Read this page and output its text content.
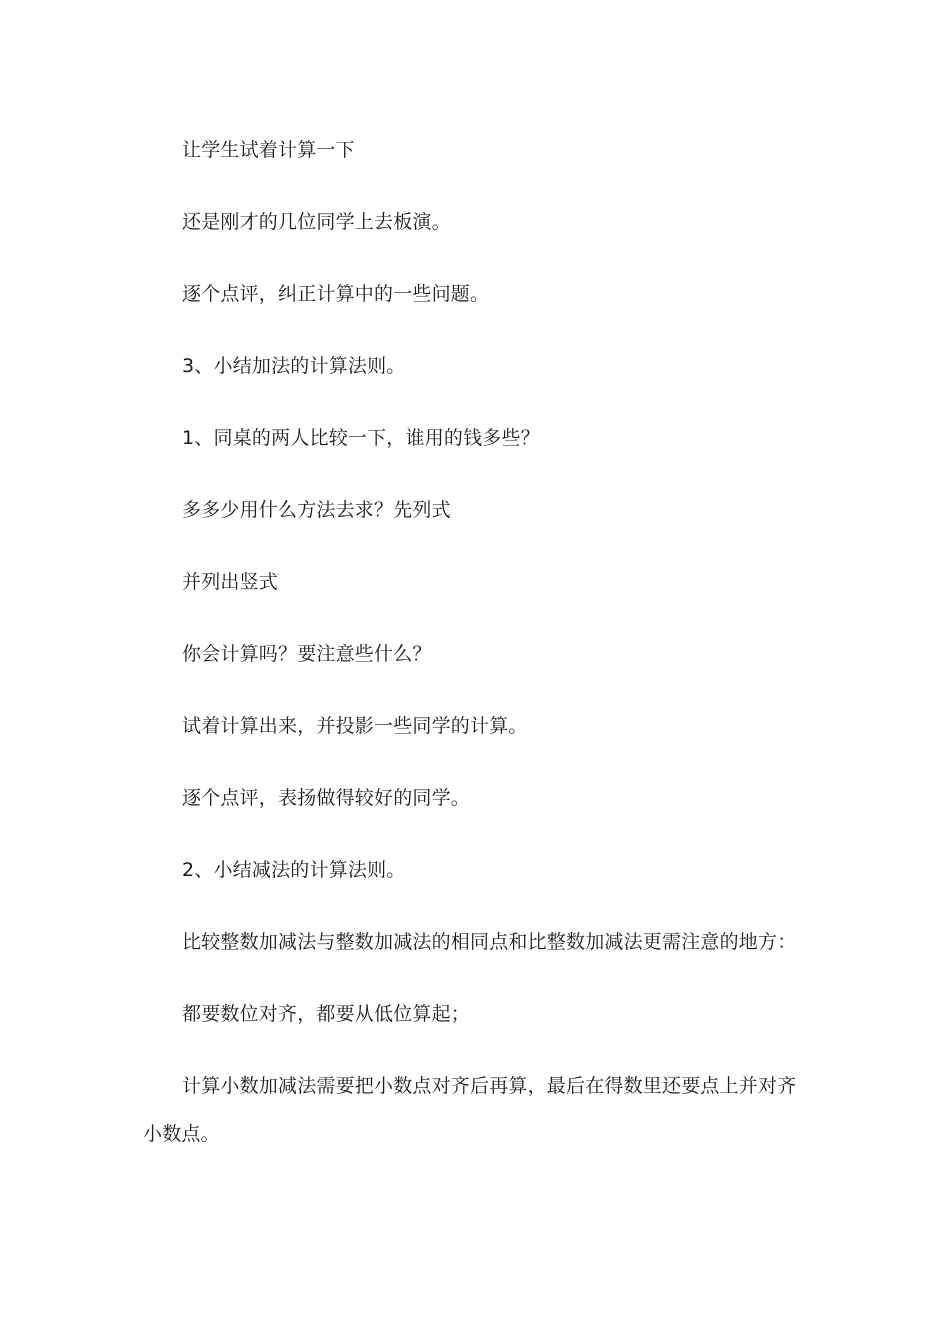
让学生试着计算一下

还是刚才的几位同学上去板演。

逐个点评，纠正计算中的一些问题。

3、小结加法的计算法则。

1、同桌的两人比较一下，谁用的钱多些？

多多少用什么方法去求？先列式

并列出竖式

你会计算吗？要注意些什么？

试着计算出来，并投影一些同学的计算。

逐个点评，表扬做得较好的同学。

2、小结减法的计算法则。

比较整数加减法与整数加减法的相同点和比整数加减法更需注意的地方：

都要数位对齐，都要从低位算起；

计算小数加减法需要把小数点对齐后再算，最后在得数里还要点上并对齐小数点。
